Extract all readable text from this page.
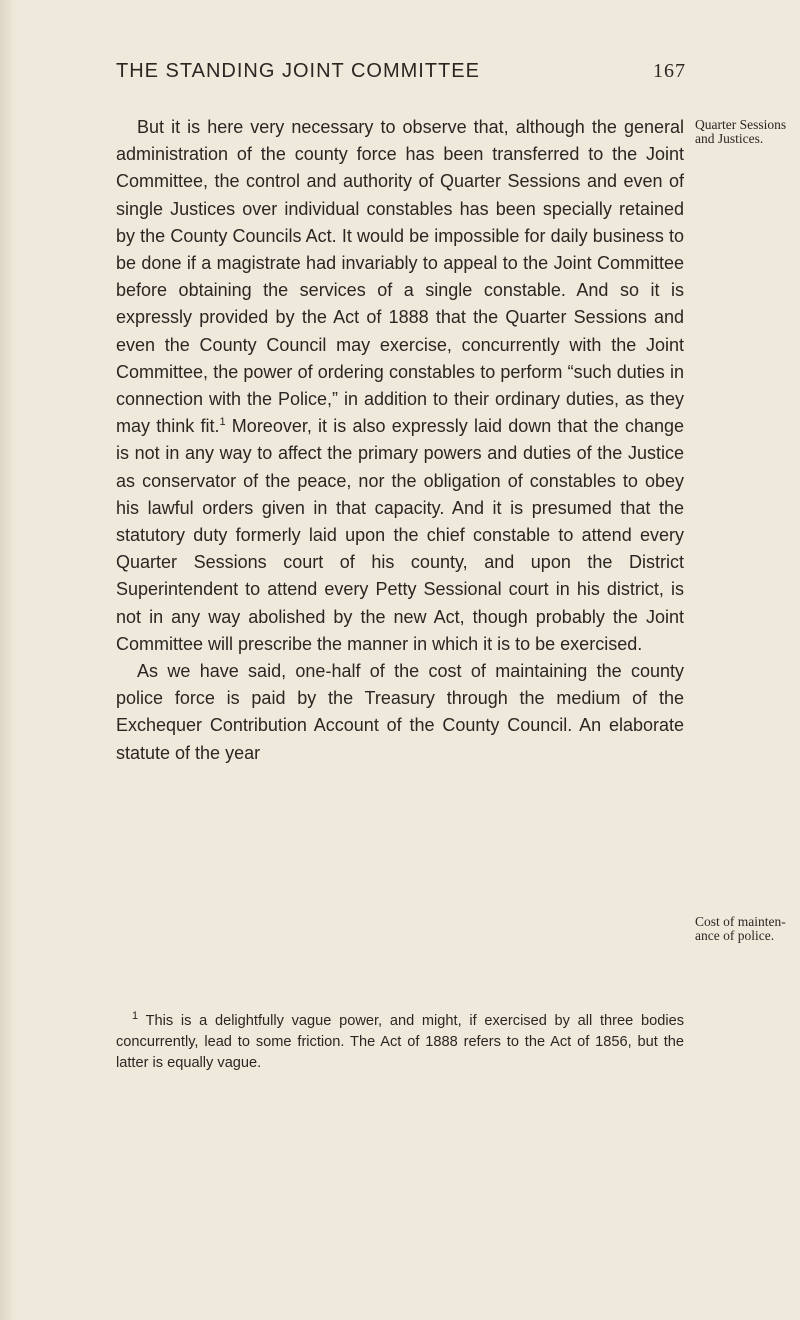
THE STANDING JOINT COMMITTEE	167

But it is here very necessary to observe that, although the general administration of the county force has been transferred to the Joint Committee, the control and authority of Quarter Sessions and even of single Justices over individual constables has been specially retained by the County Councils Act. It would be impossible for daily business to be done if a magistrate had invariably to appeal to the Joint Committee before obtaining the services of a single constable. And so it is expressly provided by the Act of 1888 that the Quarter Sessions and even the County Council may exercise, concurrently with the Joint Committee, the power of ordering constables to perform “such duties in connection with the Police,” in addition to their ordinary duties, as they may think fit.$^1$ Moreover, it is also expressly laid down that the change is not in any way to affect the primary powers and duties of the Justice as conservator of the peace, nor the obligation of constables to obey his lawful orders given in that capacity. And it is presumed that the statutory duty formerly laid upon the chief constable to attend every Quarter Sessions court of his county, and upon the District Superintendent to attend every Petty Sessional court in his district, is not in any way abolished by the new Act, though probably the Joint Committee will prescribe the manner in which it is to be exercised.

As we have said, one-half of the cost of maintaining the county police force is paid by the Treasury through the medium of the Exchequer Contribution Account of the County Council. An elaborate statute of the year

Quarter Sessions and Justices.
Cost of mainten-ance of police.

$^1$ This is a delightfully vague power, and might, if exercised by all three bodies concurrently, lead to some friction. The Act of 1888 refers to the Act of 1856, but the latter is equally vague.
